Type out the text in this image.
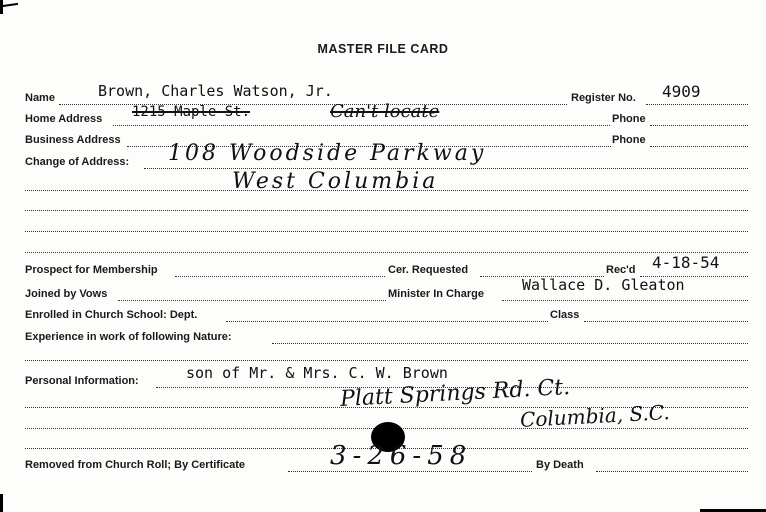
MASTER FILE CARD
Name	Brown, Charles Watson, Jr.	Register No. 4909
Home Address 1215 Maple St.	Can't locate	Phone
Business Address	Phone
Change of Address: 108 Woodside Parkway
West Columbia
Prospect for Membership	Cer. Requested	Rec'd 4-18-54
Joined by Vows	Minister In Charge	Wallace D. Gleaton
Enrolled in Church School: Dept.	Class
Experience in work of following Nature:
Personal Information:	son of Mr. & Mrs. C. W. Brown
Platt Springs Rd. Ct.
Columbia, S.C.
Removed from Church Roll; By Certificate	3-26-58	By Death
